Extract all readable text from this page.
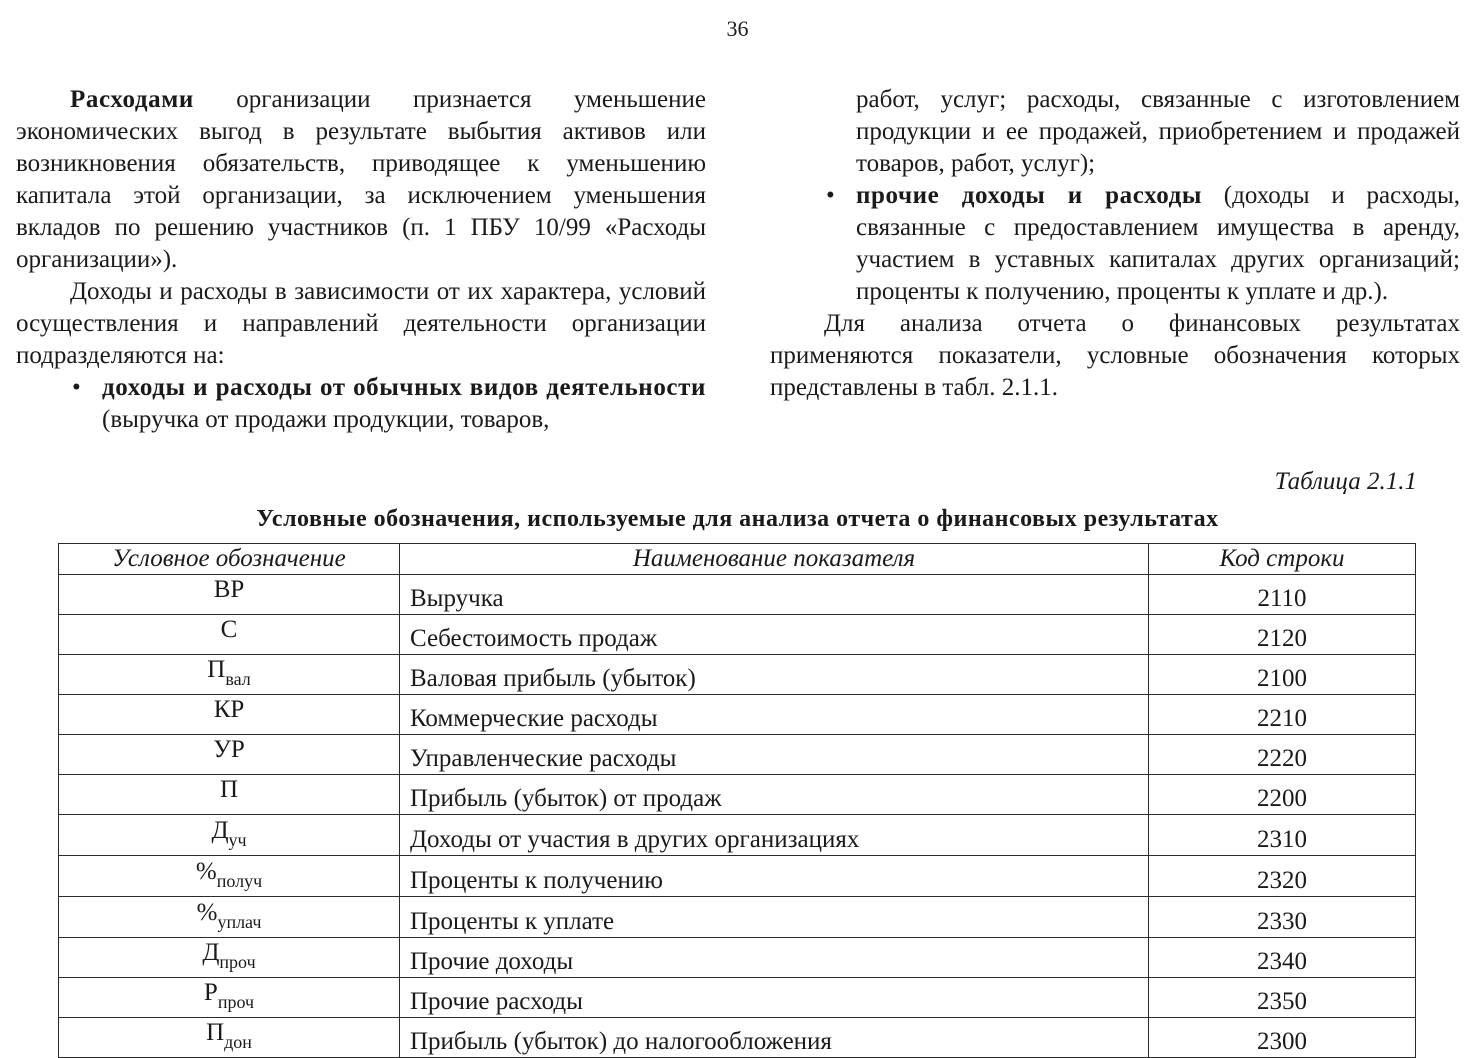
36

Расходами организации признается уменьшение экономических выгод в результате выбытия активов или возникновения обязательств, приводящее к уменьшению капитала этой организации, за исключением уменьшения вкладов по решению участников (п. 1 ПБУ 10/99 «Расходы организации»).

Доходы и расходы в зависимости от их характера, условий осуществления и направлений деятельности организации подразделяются на:

• доходы и расходы от обычных видов деятельности (выручка от продажи продукции, товаров,

работ, услуг; расходы, связанные с изготовлением продукции и ее продажей, приобретением и продажей товаров, работ, услуг);

• прочие доходы и расходы (доходы и расходы, связанные с предоставлением имущества в аренду, участием в уставных капиталах других организаций; проценты к получению, проценты к уплате и др.).

Для анализа отчета о финансовых результатах применяются показатели, условные обозначения которых представлены в табл. 2.1.1.

Таблица 2.1.1
Условные обозначения, используемые для анализа отчета о финансовых результатах
Условное обозначение	Наименование показателя	Код строки
ВР	Выручка	2110
С	Себестоимость продаж	2120
$П_{вал}$	Валовая прибыль (убыток)	2100
КР	Коммерческие расходы	2210
УР	Управленческие расходы	2220
П	Прибыль (убыток) от продаж	2200
$Д_{уч}$	Доходы от участия в других организациях	2310
$\%_{получ}$	Проценты к получению	2320
$\%_{уплач}$	Проценты к уплате	2330
$Д_{проч}$	Прочие доходы	2340
$Р_{проч}$	Прочие расходы	2350
$П_{дон}$	Прибыль (убыток) до налогообложения	2300
